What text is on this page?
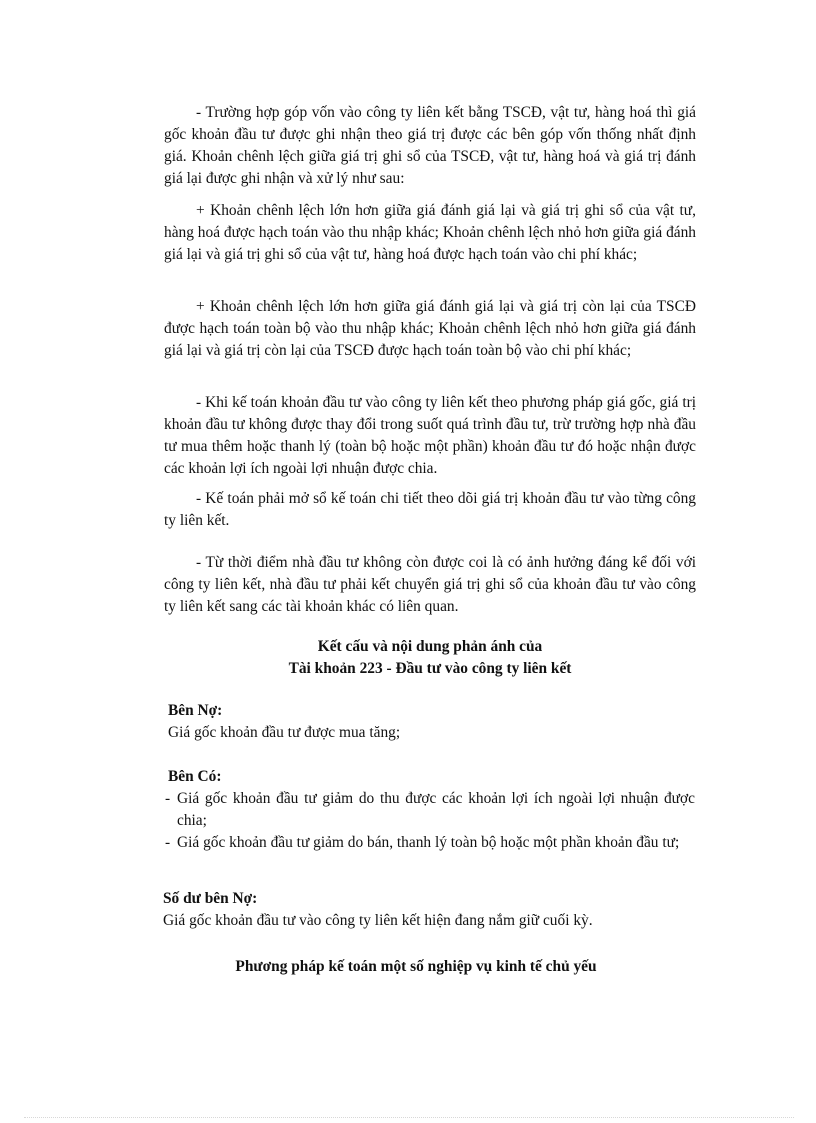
- Trường hợp góp vốn vào công ty liên kết bằng TSCĐ, vật tư, hàng hoá thì giá gốc khoản đầu tư được ghi nhận theo giá trị được các bên góp vốn thống nhất định giá. Khoản chênh lệch giữa giá trị ghi sổ của TSCĐ, vật tư, hàng hoá và giá trị đánh giá lại được ghi nhận và xử lý như sau:

+ Khoản chênh lệch lớn hơn giữa giá đánh giá lại và giá trị ghi sổ của vật tư, hàng hoá được hạch toán vào thu nhập khác; Khoản chênh lệch nhỏ hơn giữa giá đánh giá lại và giá trị ghi sổ của vật tư, hàng hoá được hạch toán vào chi phí khác;

+ Khoản chênh lệch lớn hơn giữa giá đánh giá lại và giá trị còn lại của TSCĐ được hạch toán toàn bộ vào thu nhập khác; Khoản chênh lệch nhỏ hơn giữa giá đánh giá lại và giá trị còn lại của TSCĐ được hạch toán toàn bộ vào chi phí khác;

- Khi kế toán khoản đầu tư vào công ty liên kết theo phương pháp giá gốc, giá trị khoản đầu tư không được thay đổi trong suốt quá trình đầu tư, trừ trường hợp nhà đầu tư mua thêm hoặc thanh lý (toàn bộ hoặc một phần) khoản đầu tư đó hoặc nhận được các khoản lợi ích ngoài lợi nhuận được chia.

- Kế toán phải mở sổ kế toán chi tiết theo dõi giá trị khoản đầu tư vào từng công ty liên kết.

- Từ thời điểm nhà đầu tư không còn được coi là có ảnh hưởng đáng kể đối với công ty liên kết, nhà đầu tư phải kết chuyển giá trị ghi sổ của khoản đầu tư vào công ty liên kết sang các tài khoản khác có liên quan.

Kết cấu và nội dung phản ánh của

Tài khoản 223 - Đầu tư vào công ty liên kết

Bên Nợ:
Giá gốc khoản đầu tư được mua tăng;
Bên Có:
- Giá gốc khoản đầu tư giảm do thu được các khoản lợi ích ngoài lợi nhuận được chia;
- Giá gốc khoản đầu tư giảm do bán, thanh lý toàn bộ hoặc một phần khoản đầu tư;
Số dư bên Nợ:
Giá gốc khoản đầu tư vào công ty liên kết hiện đang nắm giữ cuối kỳ.

Phương pháp kế toán một số nghiệp vụ kinh tế chủ yếu
